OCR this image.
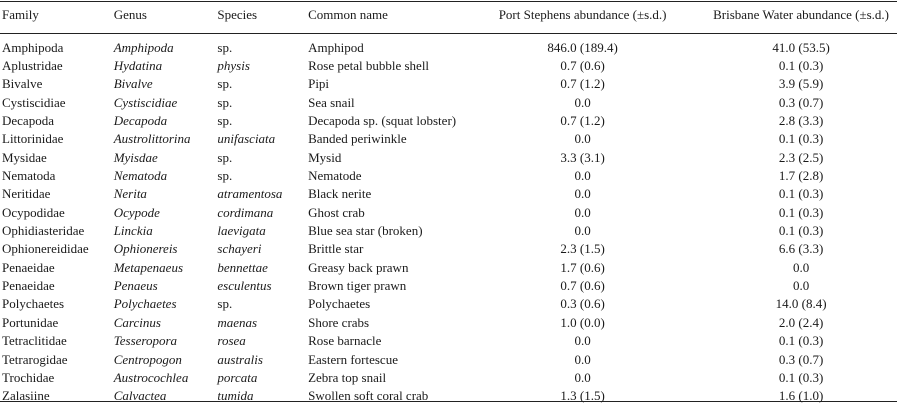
Family	Genus	Species	Common name	Port Stephens abundance (±s.d.)	Brisbane Water abundance (±s.d.)
Amphipoda	Amphipoda	sp.	Amphipod	846.0 (189.4)	41.0 (53.5)
Aplustridae	Hydatina	physis	Rose petal bubble shell	0.7 (0.6)	0.1 (0.3)
Bivalve	Bivalve	sp.	Pipi	0.7 (1.2)	3.9 (5.9)
Cystiscidiae	Cystiscidiae	sp.	Sea snail	0.0	0.3 (0.7)
Decapoda	Decapoda	sp.	Decapoda sp. (squat lobster)	0.7 (1.2)	2.8 (3.3)
Littorinidae	Austrolittorina	unifasciata	Banded periwinkle	0.0	0.1 (0.3)
Mysidae	Myisdae	sp.	Mysid	3.3 (3.1)	2.3 (2.5)
Nematoda	Nematoda	sp.	Nematode	0.0	1.7 (2.8)
Neritidae	Nerita	atramentosa	Black nerite	0.0	0.1 (0.3)
Ocypodidae	Ocypode	cordimana	Ghost crab	0.0	0.1 (0.3)
Ophidiasteridae	Linckia	laevigata	Blue sea star (broken)	0.0	0.1 (0.3)
Ophionereididae	Ophionereis	schayeri	Brittle star	2.3 (1.5)	6.6 (3.3)
Penaeidae	Metapenaeus	bennettae	Greasy back prawn	1.7 (0.6)	0.0
Penaeidae	Penaeus	esculentus	Brown tiger prawn	0.7 (0.6)	0.0
Polychaetes	Polychaetes	sp.	Polychaetes	0.3 (0.6)	14.0 (8.4)
Portunidae	Carcinus	maenas	Shore crabs	1.0 (0.0)	2.0 (2.4)
Tetraclitidae	Tesseropora	rosea	Rose barnacle	0.0	0.1 (0.3)
Tetrarogidae	Centropogon	australis	Eastern fortescue	0.0	0.3 (0.7)
Trochidae	Austrocochlea	porcata	Zebra top snail	0.0	0.1 (0.3)
Zalasiine	Calvactea	tumida	Swollen soft coral crab	1.3 (1.5)	1.6 (1.0)
